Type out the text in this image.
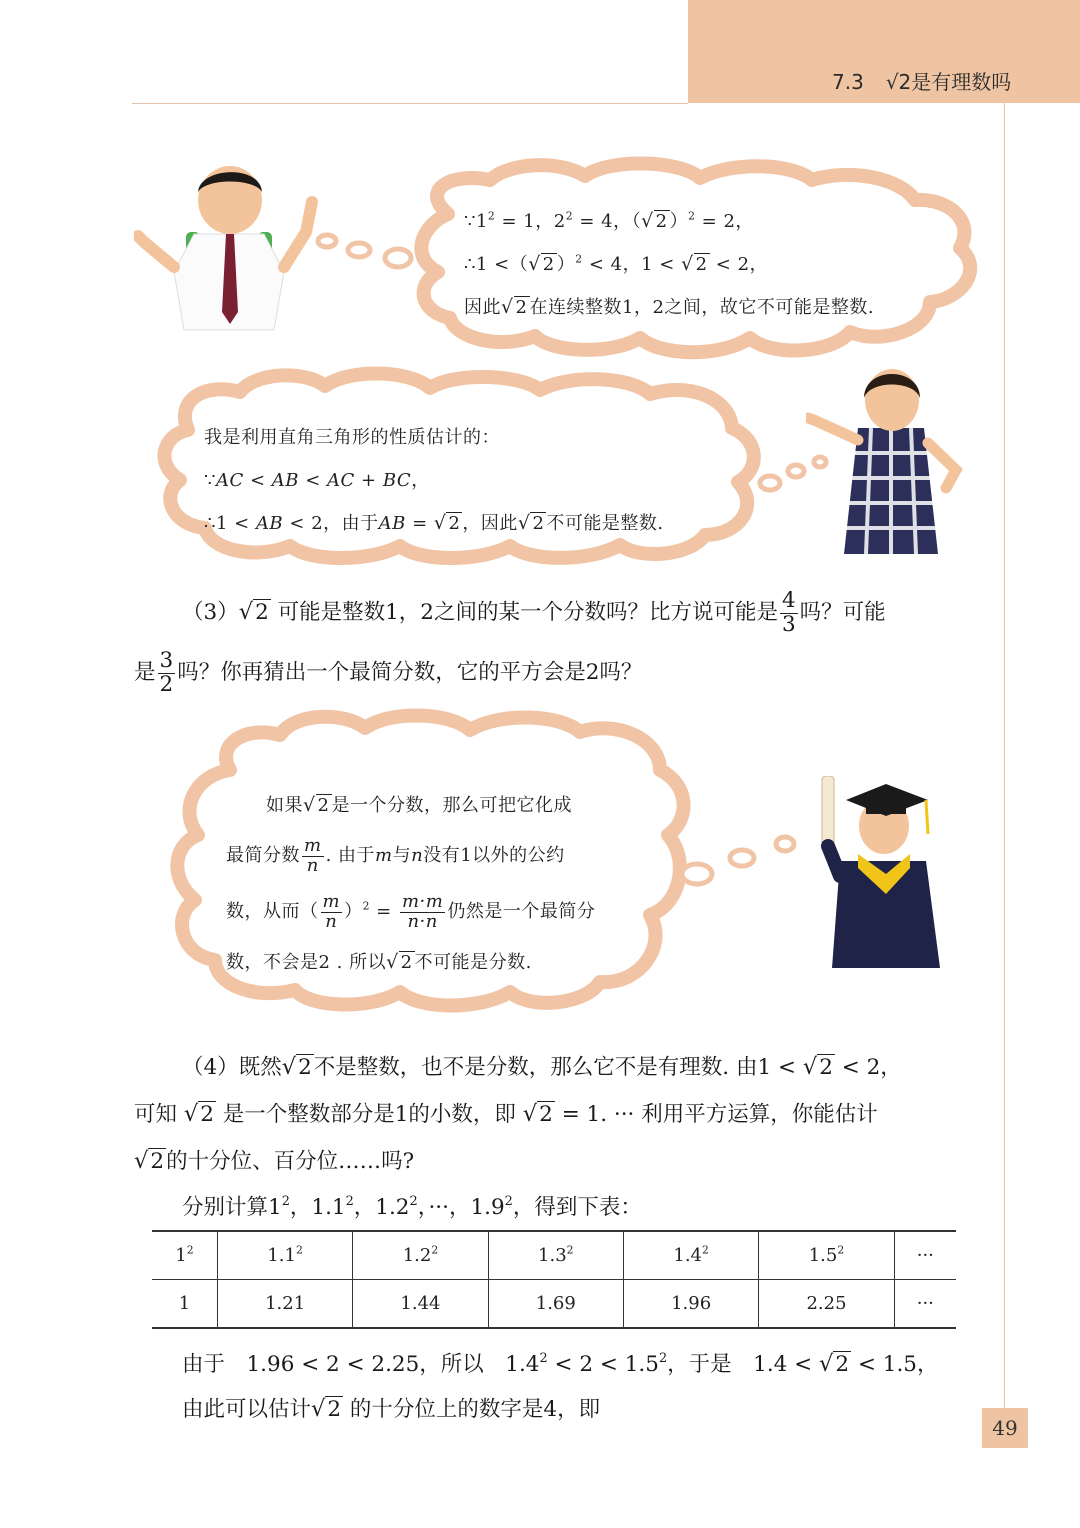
7.3 √2是有理数吗
49
$\because 1^2 = 1$，$2^2 = 4$，（√ 2 ）$^2$ = 2，
∴1 <（√ 2 ）$^2$ < 4，1 < √ 2 < 2，
因此√ 2 在连续整数1，2之间，故它不可能是整数.
我是利用直角三角形的性质估计的：
∵AC < AB < AC + BC，
∴1 < AB < 2，由于AB = √ 2 ，因此√ 2 不可能是整数.
（3）√2 可能是整数1，2之间的某一个分数吗？比方说可能是 $\frac{4}{3}$ 吗？可能
是 $\frac{3}{2}$ 吗？你再猜出一个最简分数，它的平方会是2吗？
如果√ 2 是一个分数，那么可把它化成
最简分数 $\frac{m}{n}$ . 由于m与n没有1以外的公约
数，从而（ $\frac{m}{n} )^2 = \frac{m\cdot m}{n\cdot n}$ 仍然是一个最简分
数，不会是2 . 所以√ 2 不可能是分数.
（4）既然√2不是整数，也不是分数，那么它不是有理数. 由1 < √2 < 2，
可知 √2 是一个整数部分是1的小数，即 √2 = 1. ··· 利用平方运算，你能估计
√2的十分位、百分位……吗?
分别计算$1^2$，$1.1^2$，$1.2^2$，···，$1.9^2$，得到下表：
$1^2$	$1.1^2$	$1.2^2$	$1.3^2$	$1.4^2$	$1.5^2$	···
1	1.21	1.44	1.69	1.96	2.25	···
由于　1.96 < 2 < 2.25，所以　$1.4^2 < 2 < 1.5^2$，于是　1.4 < √2 < 1.5，
由此可以估计√2 的十分位上的数字是4，即
